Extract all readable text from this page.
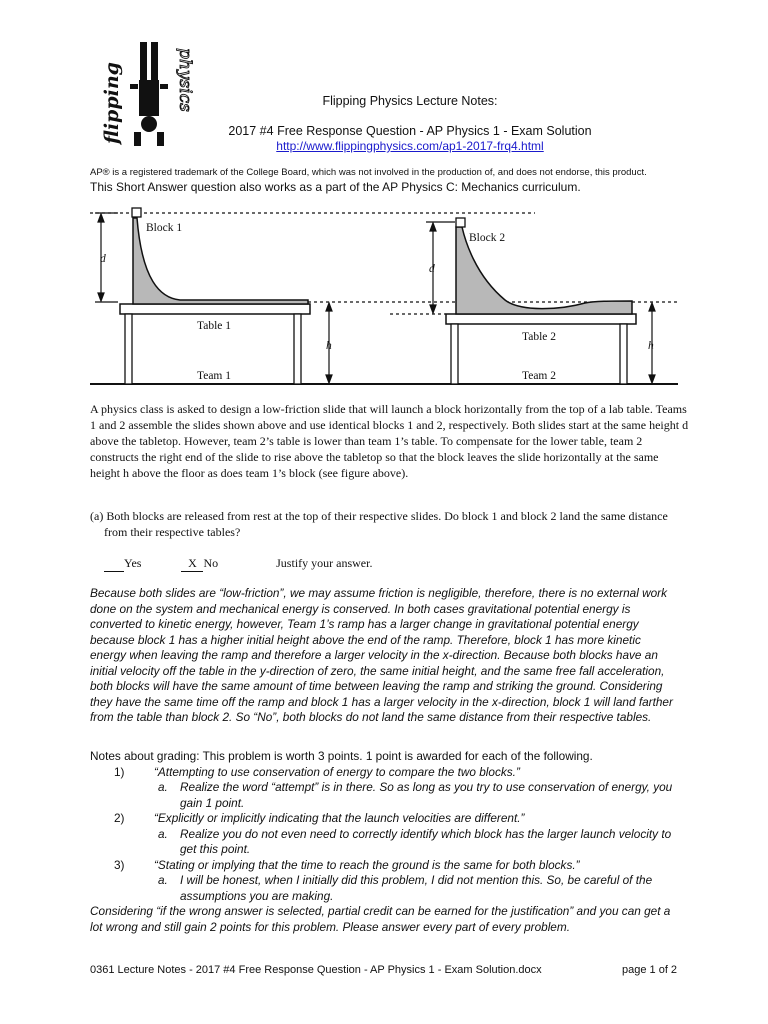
flipping	physics	Flipping Physics Lecture Notes:
2017 #4 Free Response Question - AP Physics 1 - Exam Solution
http://www.flippingphysics.com/ap1-2017-frq4.html
AP® is a registered trademark of the College Board, which was not involved in the production of, and does not endorse, this product.
This Short Answer question also works as a part of the AP Physics C: Mechanics curriculum.
Block 1
Block 2
Table 1
Table 2
Team 1	Team 2
d
d
h	h
A physics class is asked to design a low-friction slide that will launch a block horizontally from the top of a lab table. Teams 1 and 2 assemble the slides shown above and use identical blocks 1 and 2, respectively. Both slides start at the same height d above the tabletop. However, team 2’s table is lower than team 1’s table. To compensate for the lower table, team 2 constructs the right end of the slide to rise above the tabletop so that the block leaves the slide horizontally at the same height h above the floor as does team 1’s block (see figure above).
(a) Both blocks are released from rest at the top of their respective slides. Do block 1 and block 2 land the same distance from their respective tables?
Yes	X No	Justify your answer.
Because both slides are “low-friction”, we may assume friction is negligible, therefore, there is no external work done on the system and mechanical energy is conserved. In both cases gravitational potential energy is converted to kinetic energy, however, Team 1’s ramp has a larger change in gravitational potential energy because block 1 has a higher initial height above the end of the ramp. Therefore, block 1 has more kinetic energy when leaving the ramp and therefore a larger velocity in the x-direction. Because both blocks have an initial velocity off the table in the y-direction of zero, the same initial height, and the same free fall acceleration, both blocks will have the same amount of time between leaving the ramp and striking the ground. Considering they have the same time off the ramp and block 1 has a larger velocity in the x-direction, block 1 will land farther from the table than block 2. So “No”, both blocks do not land the same distance from their respective tables.
Notes about grading: This problem is worth 3 points. 1 point is awarded for each of the following.
1)	“Attempting to use conservation of energy to compare the two blocks.”
a.	Realize the word “attempt” is in there. So as long as you try to use conservation of energy, you gain 1 point.
2)	“Explicitly or implicitly indicating that the launch velocities are different.”
a.	Realize you do not even need to correctly identify which block has the larger launch velocity to get this point.
3)	“Stating or implying that the time to reach the ground is the same for both blocks.”
a.	I will be honest, when I initially did this problem, I did not mention this. So, be careful of the assumptions you are making.
Considering “if the wrong answer is selected, partial credit can be earned for the justification” and you can get a lot wrong and still gain 2 points for this problem. Please answer every part of every problem.
0361 Lecture Notes - 2017 #4 Free Response Question - AP Physics 1 - Exam Solution.docx	page 1 of 2
